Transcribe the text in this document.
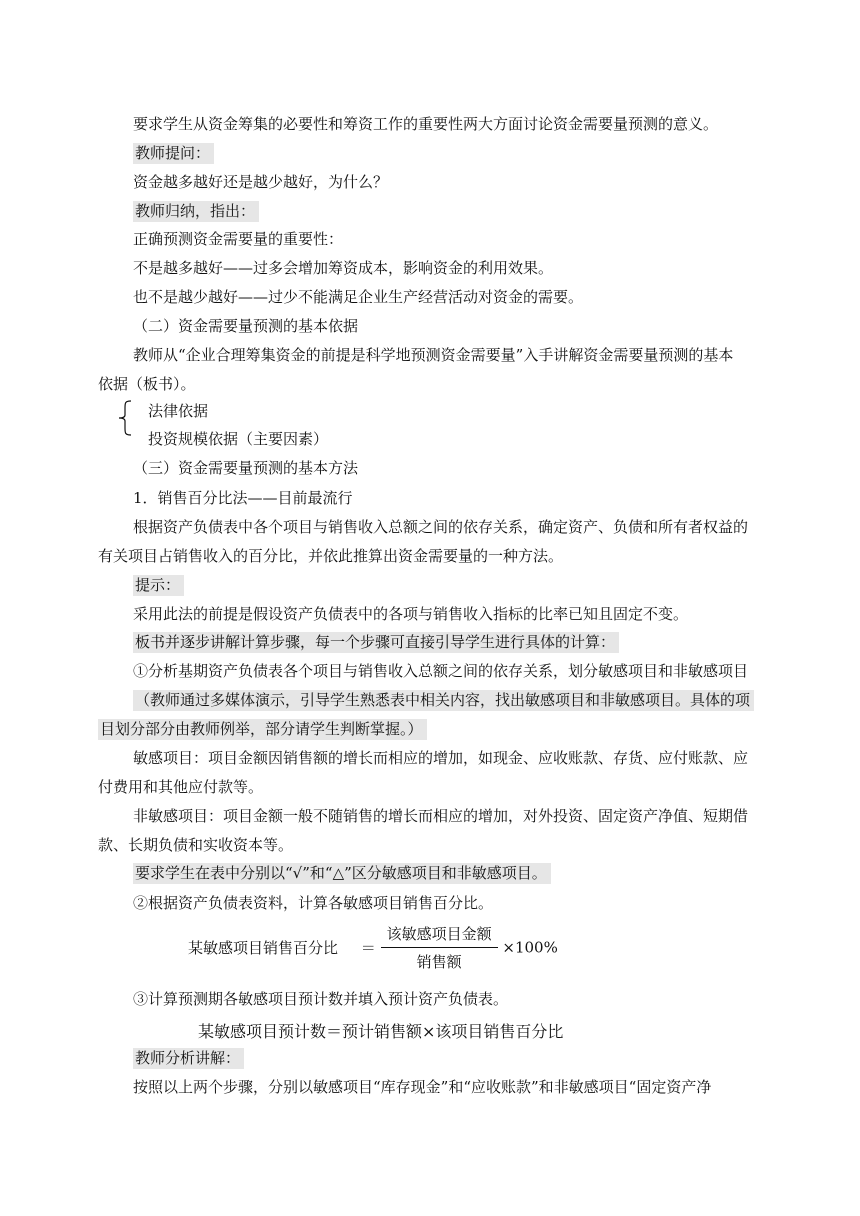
要求学生从资金筹集的必要性和筹资工作的重要性两大方面讨论资金需要量预测的意义。
教师提问：
资金越多越好还是越少越好，为什么？
教师归纳，指出：
正确预测资金需要量的重要性：
不是越多越好——过多会增加筹资成本，影响资金的利用效果。
也不是越少越好——过少不能满足企业生产经营活动对资金的需要。
（二）资金需要量预测的基本依据
教师从“企业合理筹集资金的前提是科学地预测资金需要量”入手讲解资金需要量预测的基本
依据（板书）。
法律依据
投资规模依据（主要因素）
（三）资金需要量预测的基本方法
1．销售百分比法——目前最流行
根据资产负债表中各个项目与销售收入总额之间的依存关系，确定资产、负债和所有者权益的
有关项目占销售收入的百分比，并依此推算出资金需要量的一种方法。
提示：
采用此法的前提是假设资产负债表中的各项与销售收入指标的比率已知且固定不变。
板书并逐步讲解计算步骤，每一个步骤可直接引导学生进行具体的计算：
①分析基期资产负债表各个项目与销售收入总额之间的依存关系，划分敏感项目和非敏感项目
（教师通过多媒体演示，引导学生熟悉表中相关内容，找出敏感项目和非敏感项目。具体的项
目划分部分由教师例举，部分请学生判断掌握。）
敏感项目：项目金额因销售额的增长而相应的增加，如现金、应收账款、存货、应付账款、应
付费用和其他应付款等。
非敏感项目：项目金额一般不随销售的增长而相应的增加，对外投资、固定资产净值、短期借
款、长期负债和实收资本等。
要求学生在表中分别以“√”和“△”区分敏感项目和非敏感项目。
②根据资产负债表资料，计算各敏感项目销售百分比。
③计算预测期各敏感项目预计数并填入预计资产负债表。
教师分析讲解：
按照以上两个步骤，分别以敏感项目“库存现金”和“应收账款”和非敏感项目“固定资产净
某敏感项目销售百分比 ＝ $\frac{\text{该敏感项目金额}}{\text{销售额}} \times 100\%$
某敏感项目预计数＝预计销售额×该项目销售百分比
